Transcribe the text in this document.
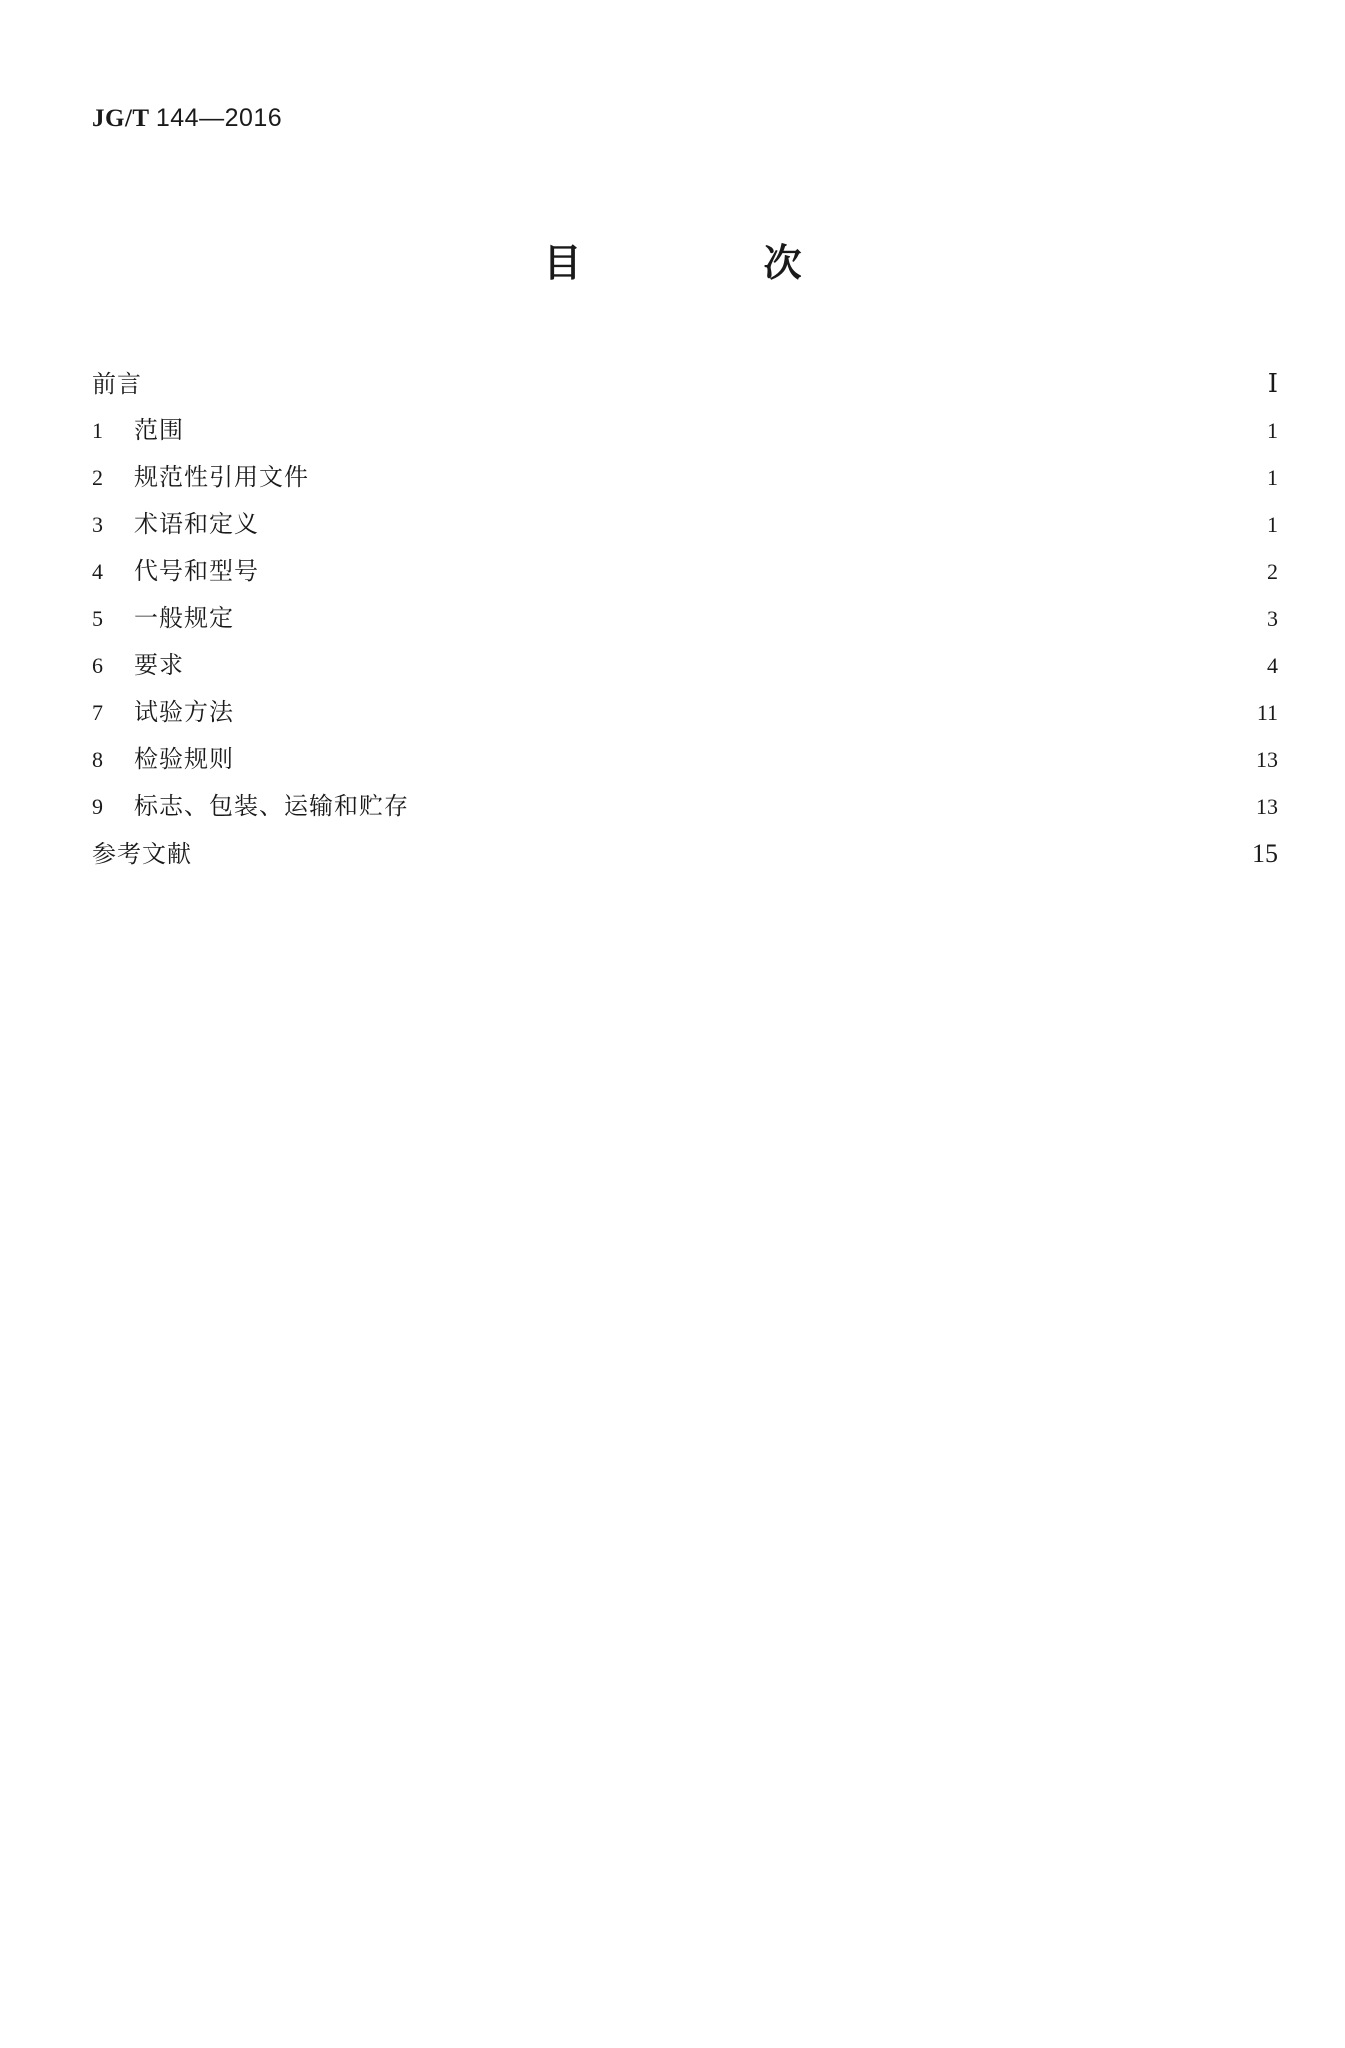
JG/T 144—2016
目　次
前言	Ⅰ
1	范围	1
2	规范性引用文件	1
3	术语和定义	1
4	代号和型号	2
5	一般规定	3
6	要求	4
7	试验方法	11
8	检验规则	13
9	标志、包装、运输和贮存	13
参考文献	15
